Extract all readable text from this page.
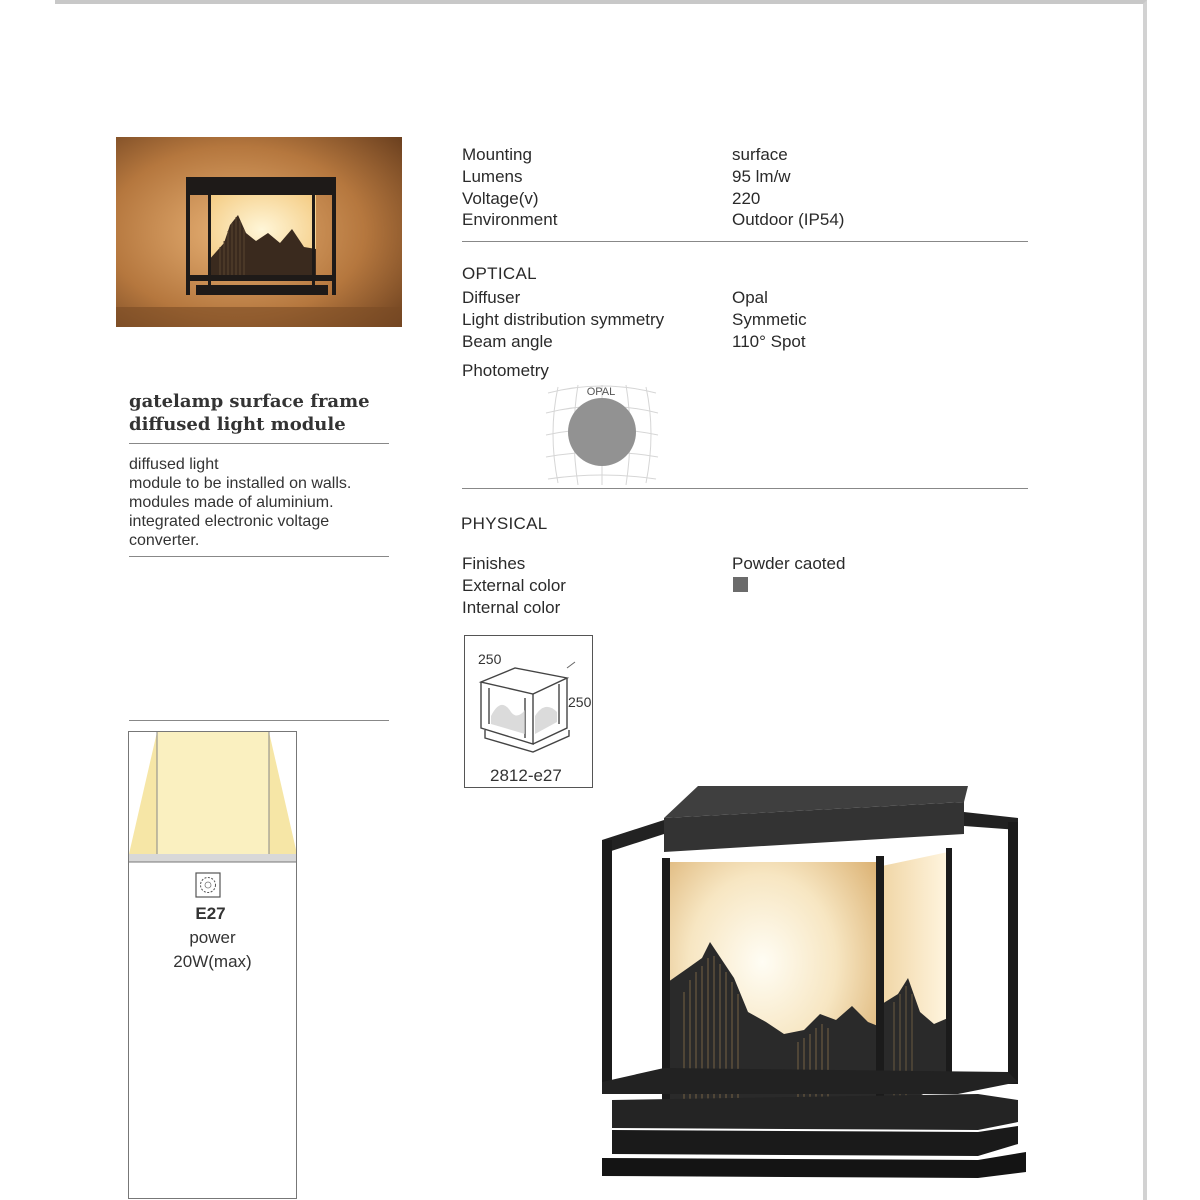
Mounting
Lumens
Voltage(v)
Environment
surface
95 lm/w
220
Outdoor (IP54)
OPTICAL
Diffuser
Light distribution symmetry
Beam angle
Opal
Symmetic
110° Spot
Photometry
OPAL
PHYSICAL
Finishes
External color
Internal color
Powder caoted
250
250
2812-e27
gatelamp surface frame
diffused light module
diffused light
module to be installed on walls.
modules made of aluminium.
integrated electronic voltage
converter.
E27
power
20W(max)
